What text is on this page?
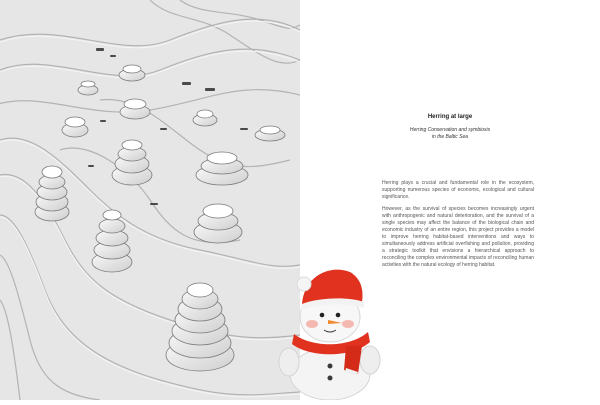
Herring at large
Herring Conservation and symbiosis
in the Baltic Sea

Herring plays a crucial and fundamental role in the ecosystem, supporting numerous species of economic, ecological and cultural significance.

However, as the survival of species becomes increasingly urgent with anthropogenic and natural deterioration, and the survival of a single species may affect the balance of the biological chain and economic industry of an entire region, this project provides a model to improve herring habitat-based interventions and ways to simultaneously address artificial overfishing and pollution, providing a strategic toolkit that envisions a hierarchical approach to reconciling the complex environmental impacts of reconciling human activities with the natural ecology of herring habitat.
